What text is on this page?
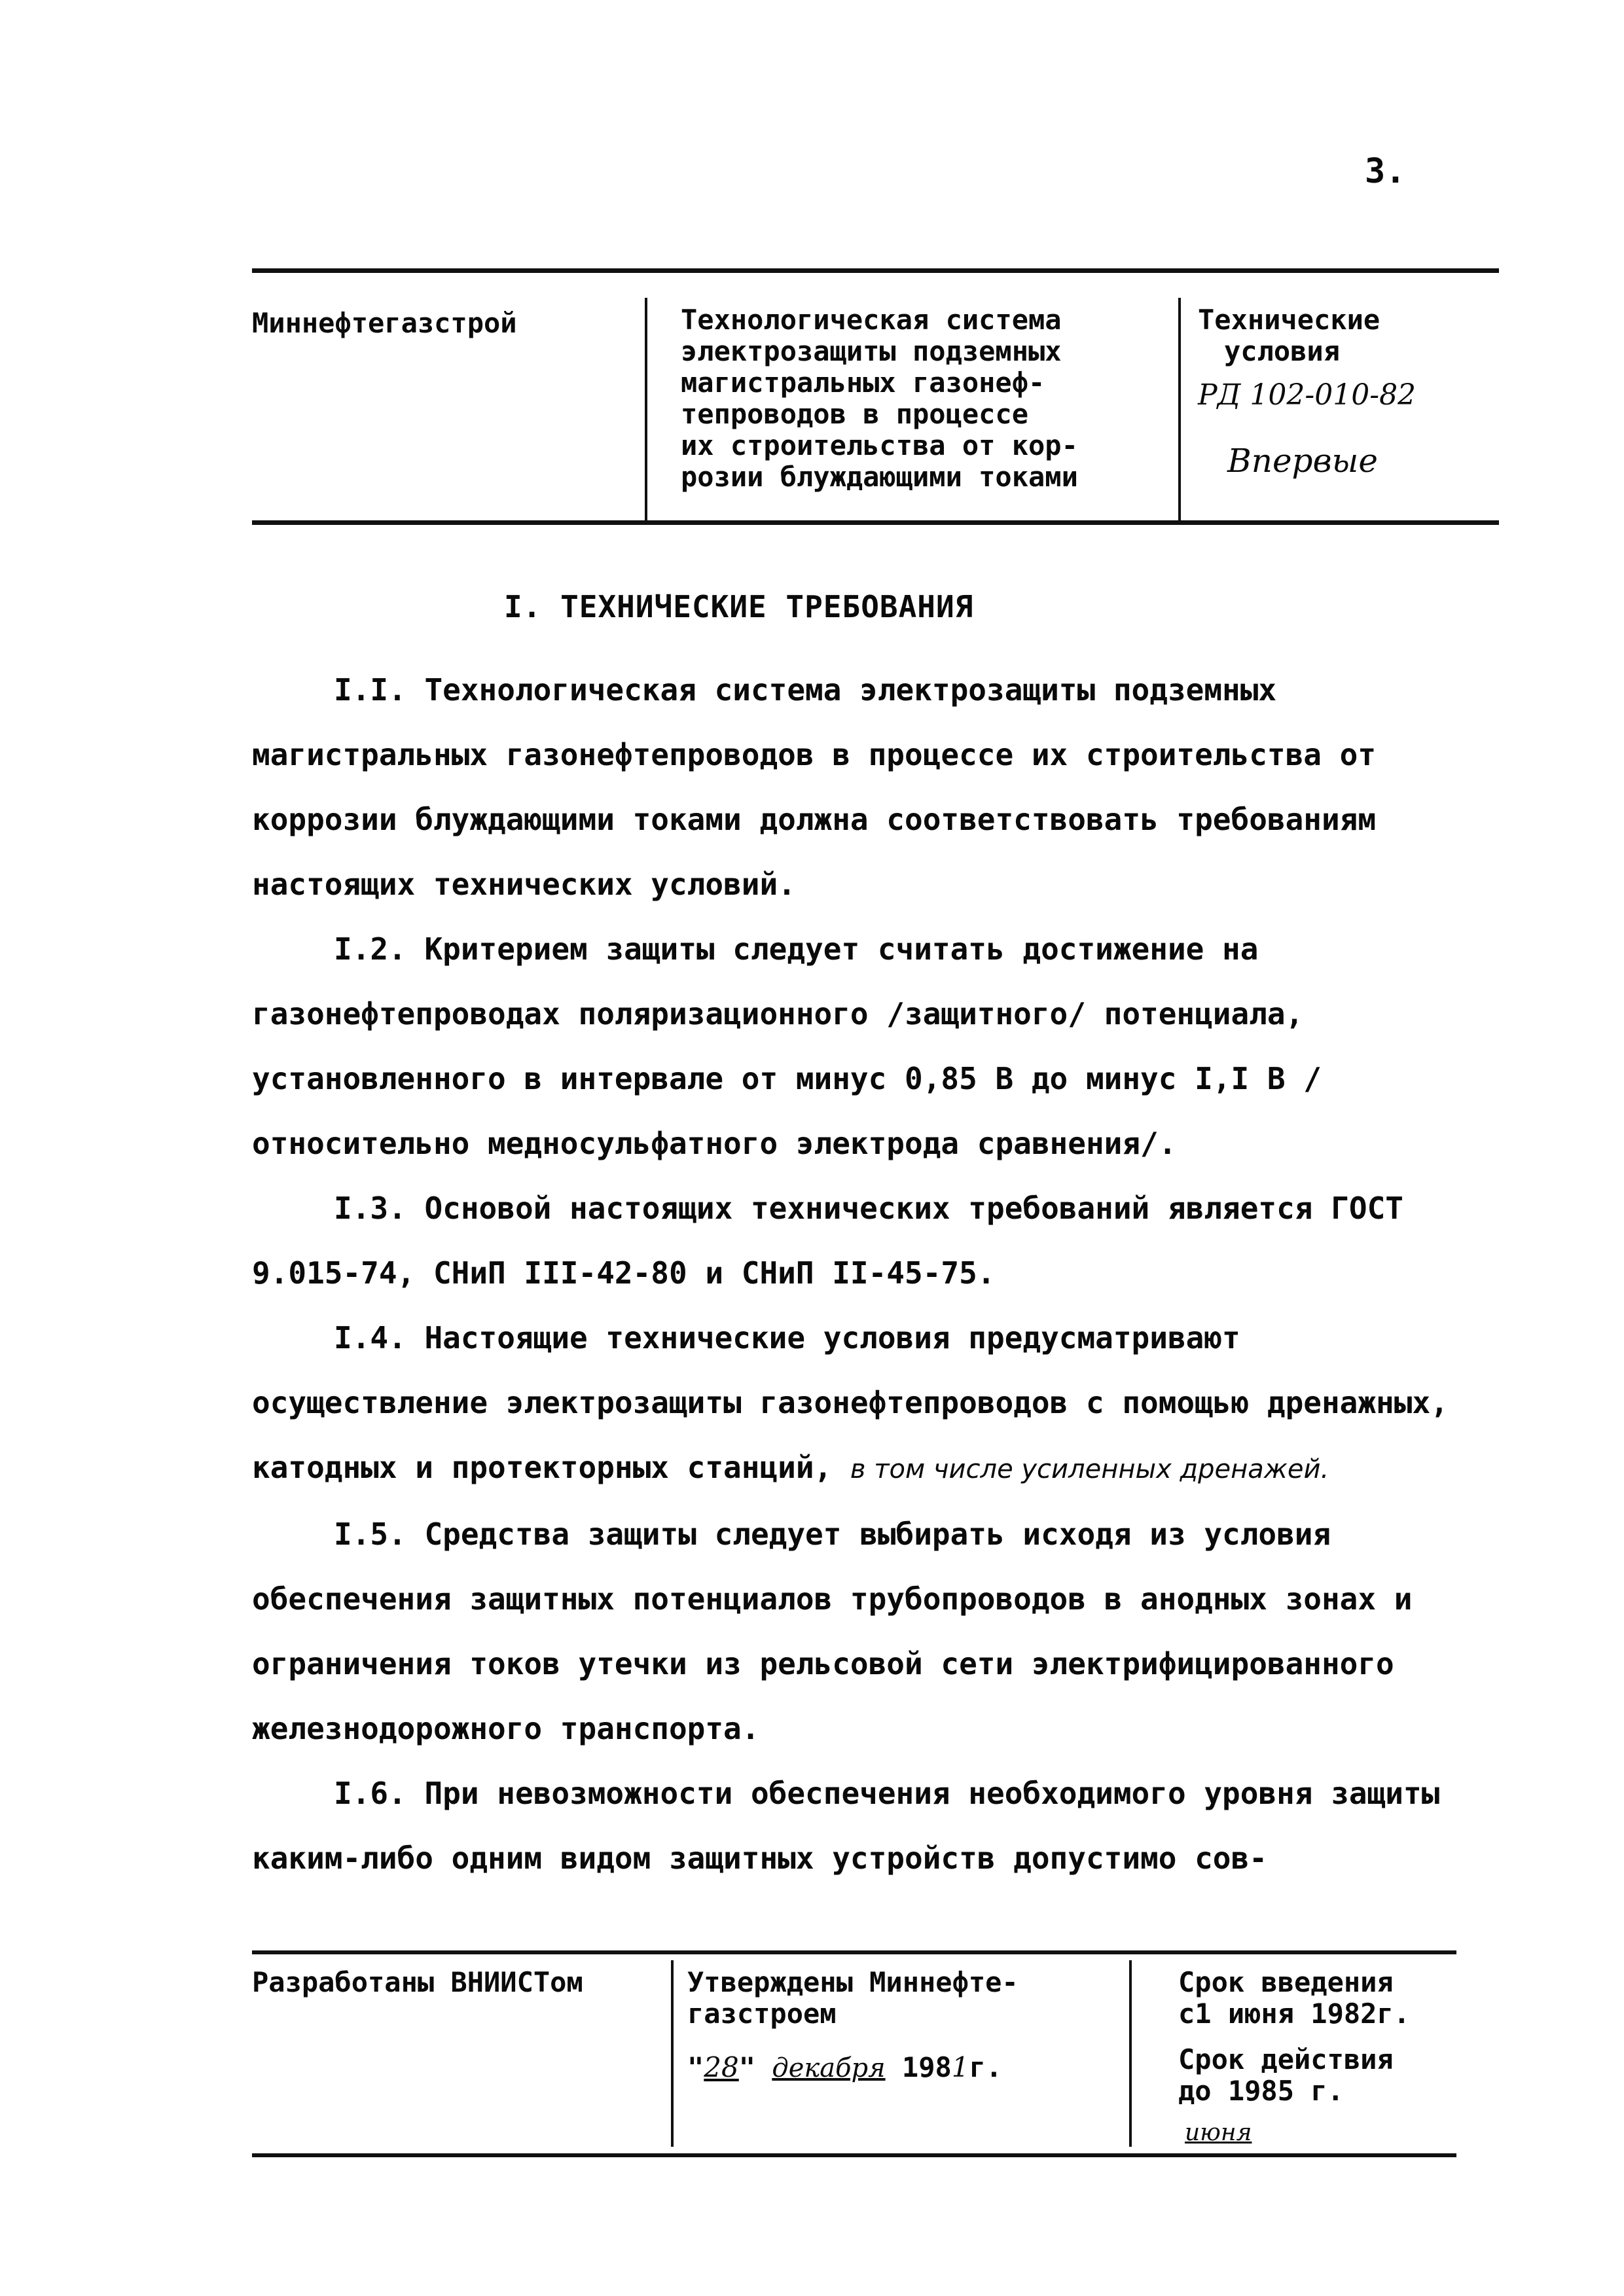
3.
Миннефтегазстрой	Технологическая система
электрозащиты подземных
магистральных газонеф-
тепроводов в процессе
их строительства от кор-
розии блуждающими токами
Технические
условия
РД 102-010-82
Впервые
I. ТЕХНИЧЕСКИЕ ТРЕБОВАНИЯ

I.I. Технологическая система электрозащиты подземных магистральных газонефтепроводов в процессе их строительства от коррозии блуждающими токами должна соответствовать требованиям настоящих технических условий.

I.2. Критерием защиты следует считать достижение на газонефтепроводах поляризационного /защитного/ потенциала, установленного в интервале от минус 0,85 В до минус I,I В /относительно медносульфатного электрода сравнения/.

I.3. Основой настоящих технических требований является ГОСТ 9.015-74, СНиП III-42-80 и СНиП II-45-75.

I.4. Настоящие технические условия предусматривают осуществление электрозащиты газонефтепроводов с помощью дренажных, катодных и протекторных станций, в том числе усиленных дренажей.

I.5. Средства защиты следует выбирать исходя из условия обеспечения защитных потенциалов трубопроводов в анодных зонах и ограничения токов утечки из рельсовой сети электрифицированного железнодорожного транспорта.

I.6. При невозможности обеспечения необходимого уровня защиты каким-либо одним видом защитных устройств допустимо сов-

Разработаны ВНИИСТом	Утверждены Миннефте-
газстроем
"28" декабря 1981г.
Срок введения
с1 июня 1982г.
Срок действия
до 1985 г.
июня
